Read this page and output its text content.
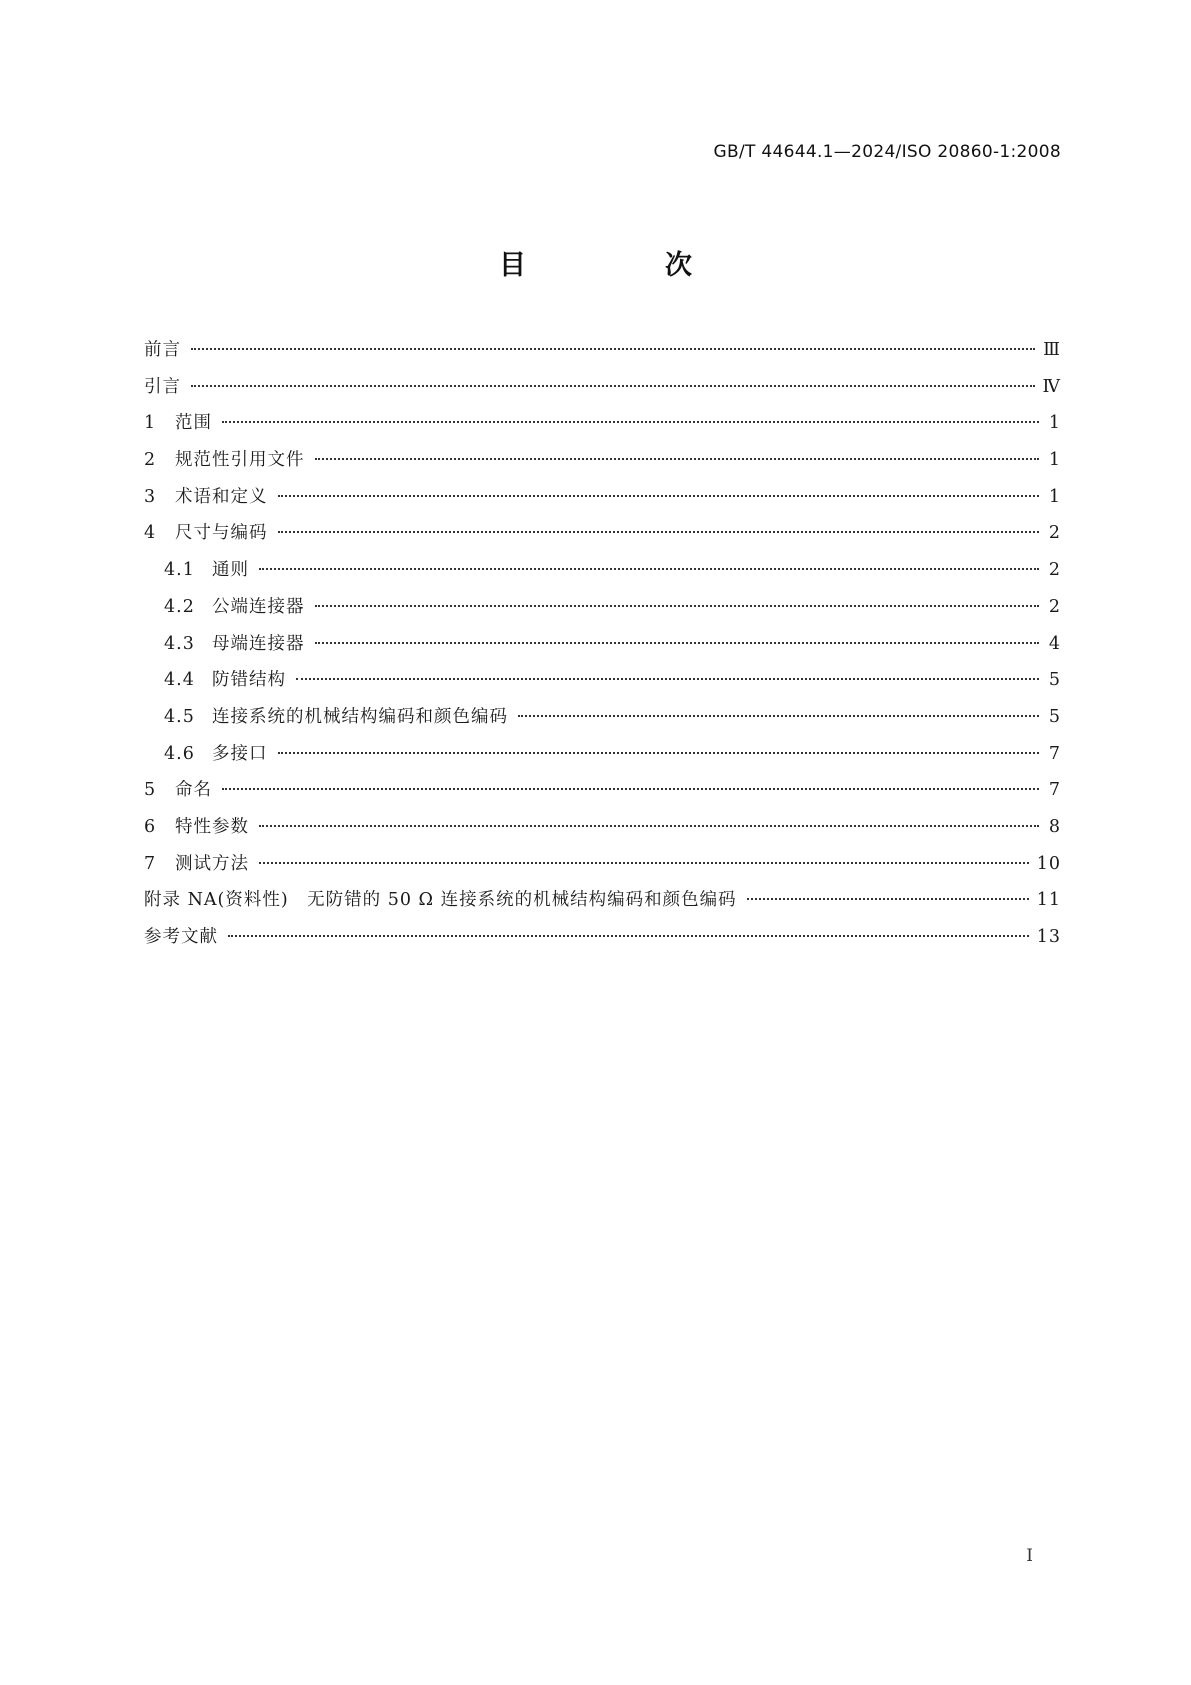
GB/T 44644.1—2024/ISO 20860-1:2008
目　次
前言	Ⅲ
引言	Ⅳ
1	范围	1
2	规范性引用文件	1
3	术语和定义	1
4	尺寸与编码	2
4.1 通则	2
4.2 公端连接器	2
4.3 母端连接器	4
4.4 防错结构	5
4.5 连接系统的机械结构编码和颜色编码	5
4.6 多接口	7
5	命名	7
6	特性参数	8
7	测试方法	10
附录 NA(资料性)　无防错的 50 Ω 连接系统的机械结构编码和颜色编码	11
参考文献	13
I
